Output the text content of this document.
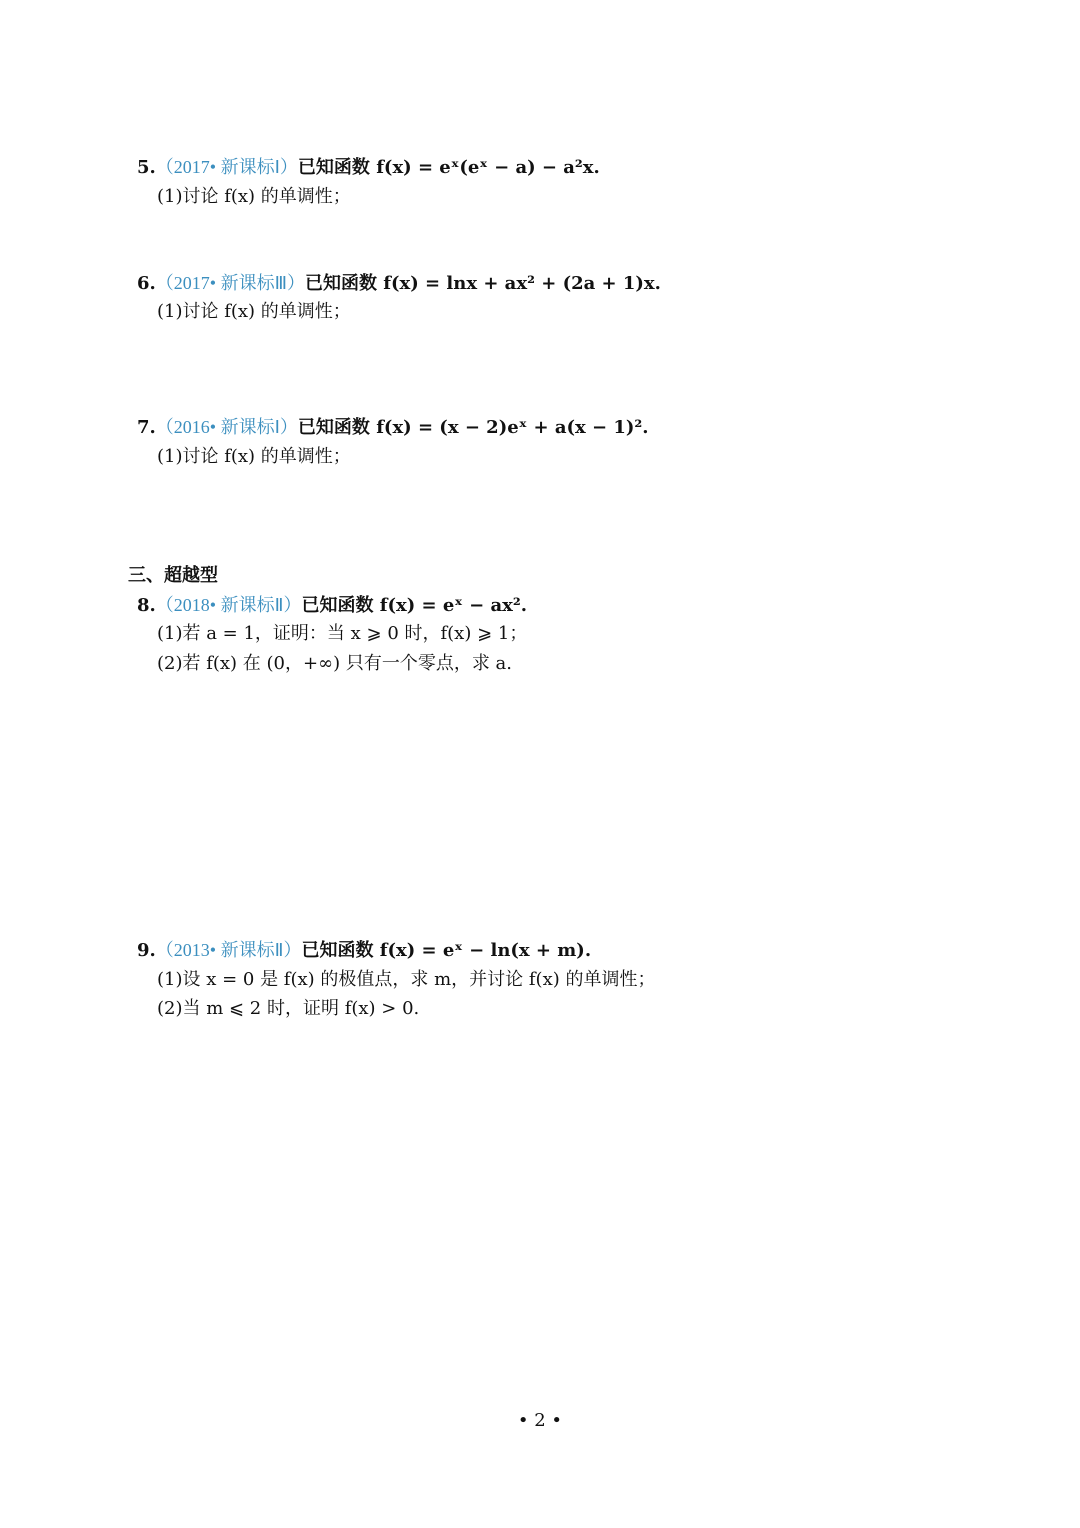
5.（2017• 新课标Ⅰ）已知函数 f(x) = eˣ(eˣ − a) − a²x.
(1)讨论 f(x) 的单调性；
6.（2017• 新课标Ⅲ）已知函数 f(x) = lnx + ax² + (2a + 1)x.
(1)讨论 f(x) 的单调性；
7.（2016• 新课标Ⅰ）已知函数 f(x) = (x − 2)eˣ + a(x − 1)².
(1)讨论 f(x) 的单调性；
三、超越型
8.（2018• 新课标Ⅱ）已知函数 f(x) = eˣ − ax².
(1)若 a = 1，证明：当 x ⩾ 0 时，f(x) ⩾ 1；
(2)若 f(x) 在 (0，+∞) 只有一个零点，求 a.
9.（2013• 新课标Ⅱ）已知函数 f(x) = eˣ − ln(x + m).
(1)设 x = 0 是 f(x) 的极值点，求 m，并讨论 f(x) 的单调性；
(2)当 m ⩽ 2 时，证明 f(x) > 0.
• 2 •
